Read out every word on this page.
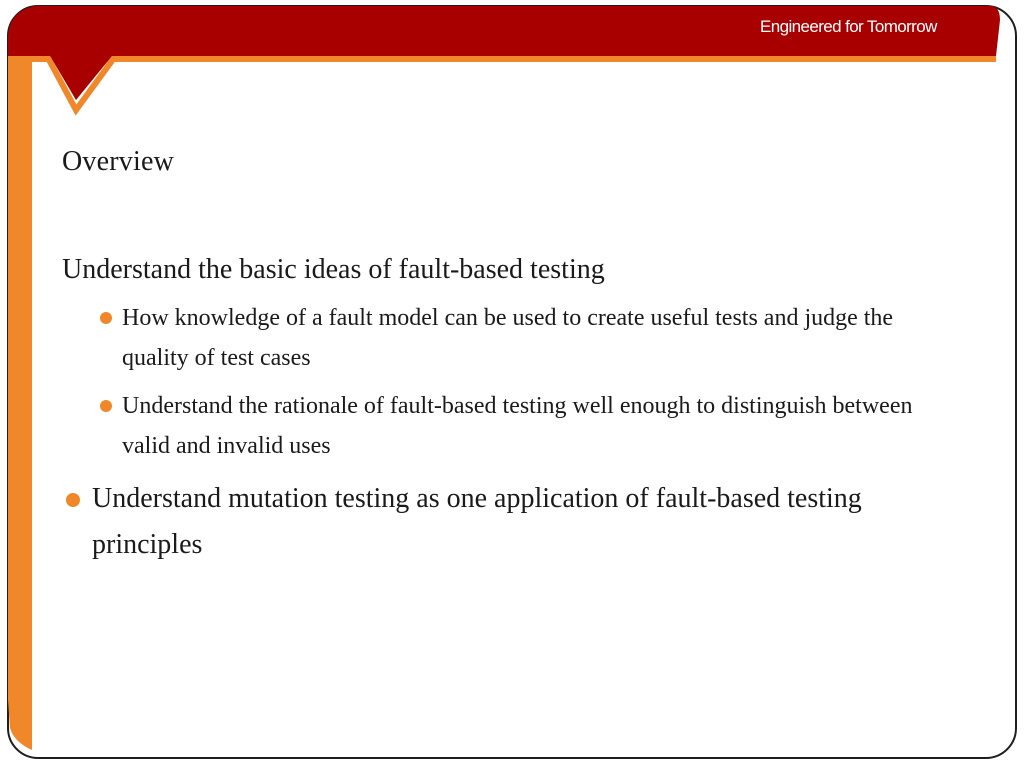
Engineered for Tomorrow
Overview

Understand the basic ideas of fault-based testing

How knowledge of a fault model can be used to create useful tests and judge the quality of test cases
Understand the rationale of fault-based testing well enough to distinguish between valid and invalid uses
Understand mutation testing as one application of fault-based testing principles
